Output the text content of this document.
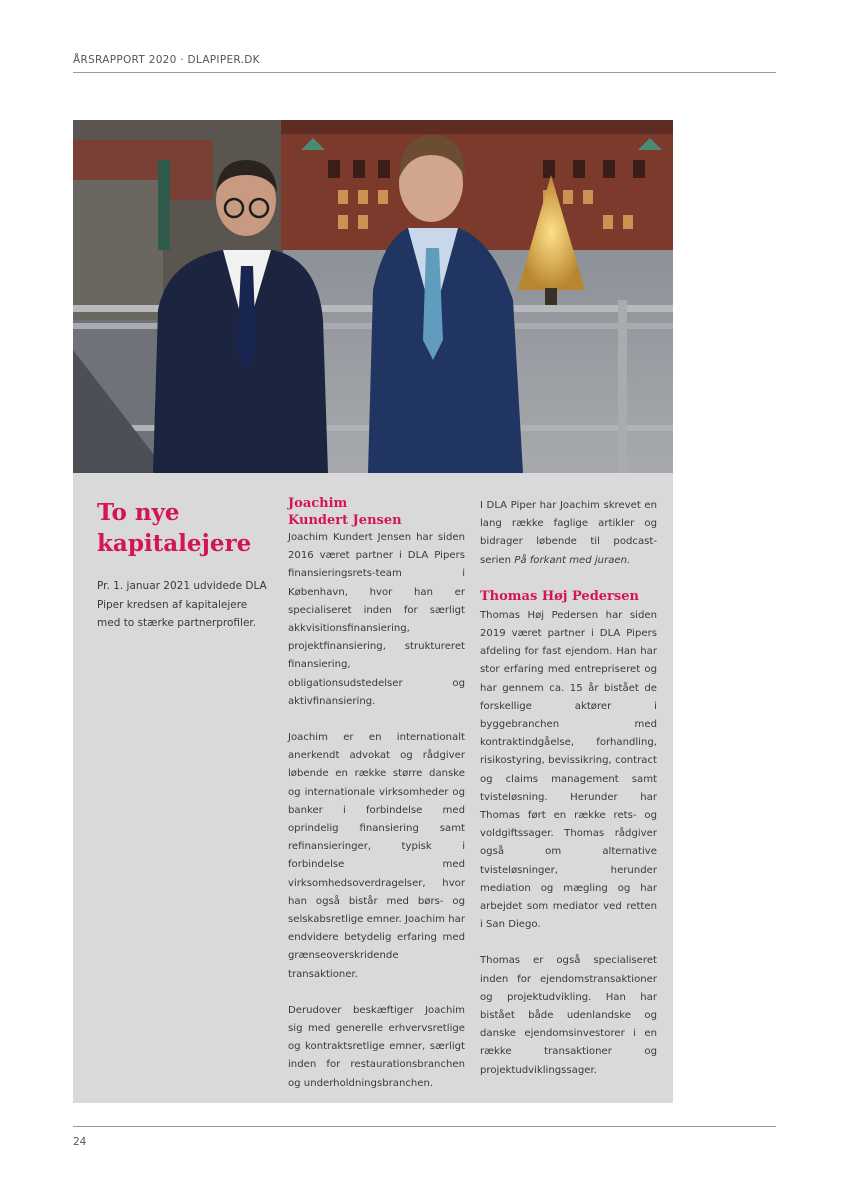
ÅRSRAPPORT 2020 · DLAPIPER.DK
To nye
kapitalejere
Pr. 1. januar 2021 udvidede DLA Piper kredsen af kapitalejere med to stærke partnerprofiler.
Joachim
Kundert Jensen

Joachim Kundert Jensen har siden 2016 været partner i DLA Pipers finansieringsrets-team i København, hvor han er specialiseret inden for særligt akkvisitionsfinansiering, projektfinansiering, struktureret finansiering, obligationsudstedelser og aktivfinansiering.

Joachim er en internationalt anerkendt advokat og rådgiver løbende en række større danske og internationale virksomheder og banker i forbindelse med oprindelig finansiering samt refinansieringer, typisk i forbindelse med virksomhedsoverdragelser, hvor han også bistår med børs- og selskabsretlige emner. Joachim har endvidere betydelig erfaring med grænseoverskridende transaktioner.

Derudover beskæftiger Joachim sig med generelle erhvervsretlige og kontraktsretlige emner, særligt inden for restaurationsbranchen og underholdningsbranchen.

I DLA Piper har Joachim skrevet en lang række faglige artikler og bidrager løbende til podcast-serien På forkant med juraen.

Thomas Høj Pedersen

Thomas Høj Pedersen har siden 2019 været partner i DLA Pipers afdeling for fast ejendom. Han har stor erfaring med entrepriseret og har gennem ca. 15 år bistået de forskellige aktører i byggebranchen med kontraktindgåelse, forhandling, risikostyring, bevissikring, contract og claims management samt tvisteløsning. Herunder har Thomas ført en række rets- og voldgiftssager. Thomas rådgiver også om alternative tvisteløsninger, herunder mediation og mægling og har arbejdet som mediator ved retten i San Diego.

Thomas er også specialiseret inden for ejendomstransaktioner og projektudvikling. Han har bistået både udenlandske og danske ejendomsinvestorer i en række transaktioner og projektudviklingssager.

24
